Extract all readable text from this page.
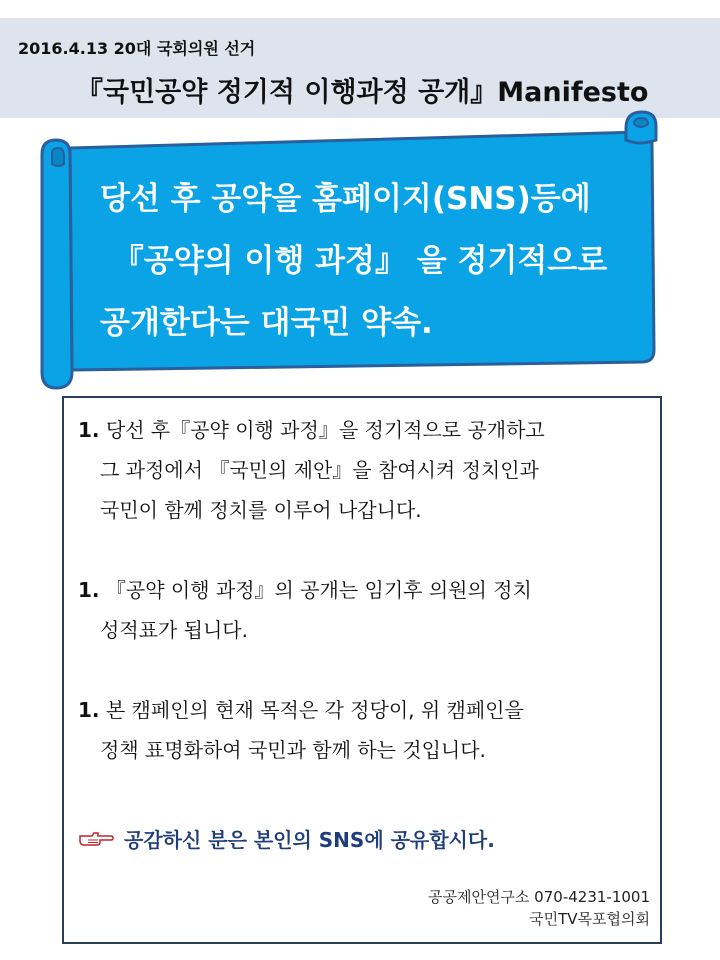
2016.4.13 20대 국회의원 선거
『국민공약 정기적 이행과정 공개』Manifesto
당선 후 공약을 홈페이지(SNS)등에
『공약의 이행 과정』 을 정기적으로
공개한다는 대국민 약속.
1. 당선 후『공약 이행 과정』을 정기적으로 공개하고
그 과정에서 『국민의 제안』을 참여시켜 정치인과
국민이 함께 정치를 이루어 나갑니다.
1. 『공약 이행 과정』의 공개는 임기후 의원의 정치
성적표가 됩니다.
1. 본 캠페인의 현재 목적은 각 정당이, 위 캠페인을
정책 표명화하여 국민과 함께 하는 것입니다.
공감하신 분은 본인의 SNS에 공유합시다.
공공제안연구소 070-4231-1001
국민TV목포협의회
